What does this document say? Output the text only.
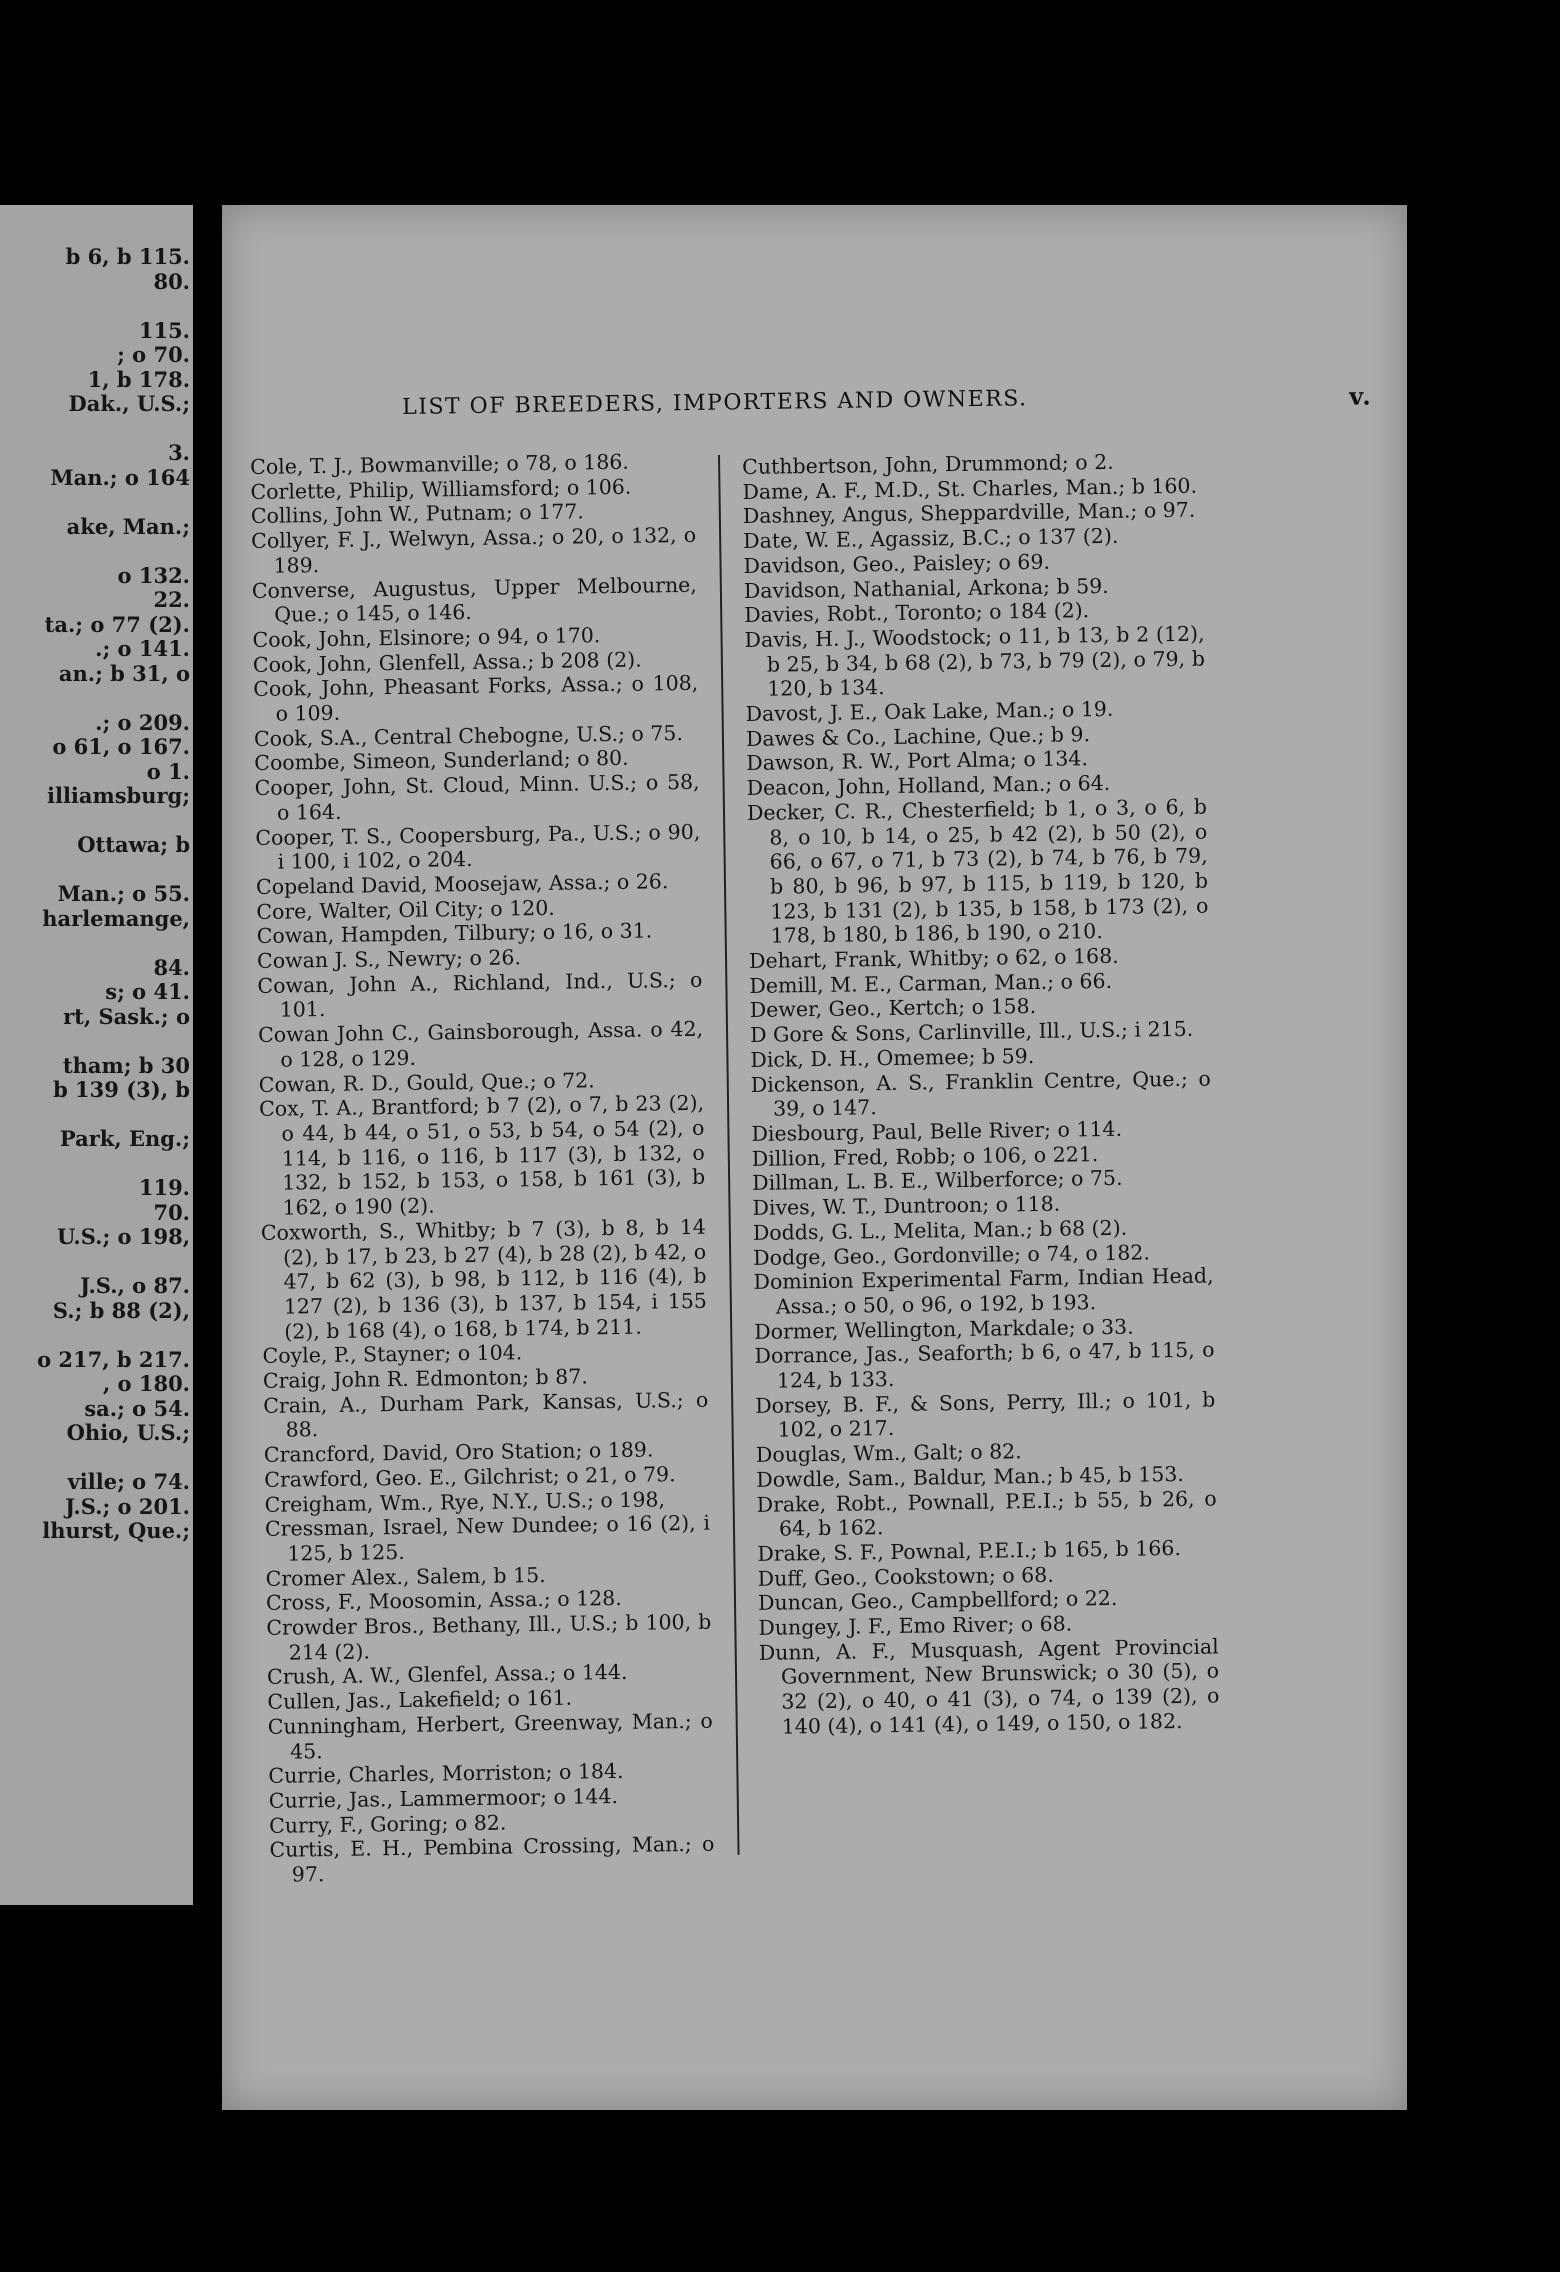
b 6, b 115.
80.
115.
; o 70.
1, b 178.
Dak., U.S.;
3.
Man.; o 164
ake, Man.;
o 132.
22.
ta.; o 77 (2).
.; o 141.
an.; b 31, o
.; o 209.
o 61, o 167.
o 1.
illiamsburg;
Ottawa; b
Man.; o 55.
harlemange,
84.
s; o 41.
rt, Sask.; o
tham; b 30
b 139 (3), b
Park, Eng.;
119.
70.
U.S.; o 198,
J.S., o 87.
S.; b 88 (2),
o 217, b 217.
, o 180.
sa.; o 54.
Ohio, U.S.;
ville; o 74.
J.S.; o 201.
lhurst, Que.;
LIST OF BREEDERS, IMPORTERS AND OWNERS.	v.
Cole, T. J., Bowmanville; o 78, o 186.
Corlette, Philip, Williamsford; o 106.
Collins, John W., Putnam; o 177.
Collyer, F. J., Welwyn, Assa.; o 20, o 132, o 189.
Converse, Augustus, Upper Melbourne, Que.; o 145, o 146.
Cook, John, Elsinore; o 94, o 170.
Cook, John, Glenfell, Assa.; b 208 (2).
Cook, John, Pheasant Forks, Assa.; o 108, o 109.
Cook, S.A., Central Chebogne, U.S.; o 75.
Coombe, Simeon, Sunderland; o 80.
Cooper, John, St. Cloud, Minn. U.S.; o 58, o 164.
Cooper, T. S., Coopersburg, Pa., U.S.; o 90, i 100, i 102, o 204.
Copeland David, Moosejaw, Assa.; o 26.
Core, Walter, Oil City; o 120.
Cowan, Hampden, Tilbury; o 16, o 31.
Cowan J. S., Newry; o 26.
Cowan, John A., Richland, Ind., U.S.; o 101.
Cowan John C., Gainsborough, Assa. o 42, o 128, o 129.
Cowan, R. D., Gould, Que.; o 72.
Cox, T. A., Brantford; b 7 (2), o 7, b 23 (2), o 44, b 44, o 51, o 53, b 54, o 54 (2), o 114, b 116, o 116, b 117 (3), b 132, o 132, b 152, b 153, o 158, b 161 (3), b 162, o 190 (2).
Coxworth, S., Whitby; b 7 (3), b 8, b 14 (2), b 17, b 23, b 27 (4), b 28 (2), b 42, o 47, b 62 (3), b 98, b 112, b 116 (4), b 127 (2), b 136 (3), b 137, b 154, i 155 (2), b 168 (4), o 168, b 174, b 211.
Coyle, P., Stayner; o 104.
Craig, John R. Edmonton; b 87.
Crain, A., Durham Park, Kansas, U.S.; o 88.
Crancford, David, Oro Station; o 189.
Crawford, Geo. E., Gilchrist; o 21, o 79.
Creigham, Wm., Rye, N.Y., U.S.; o 198,
Cressman, Israel, New Dundee; o 16 (2), i 125, b 125.
Cromer Alex., Salem, b 15.
Cross, F., Moosomin, Assa.; o 128.
Crowder Bros., Bethany, Ill., U.S.; b 100, b 214 (2).
Crush, A. W., Glenfel, Assa.; o 144.
Cullen, Jas., Lakefield; o 161.
Cunningham, Herbert, Greenway, Man.; o 45.
Currie, Charles, Morriston; o 184.
Currie, Jas., Lammermoor; o 144.
Curry, F., Goring; o 82.
Curtis, E. H., Pembina Crossing, Man.; o 97.
Cuthbertson, John, Drummond; o 2.
Dame, A. F., M.D., St. Charles, Man.; b 160.
Dashney, Angus, Sheppardville, Man.; o 97.
Date, W. E., Agassiz, B.C.; o 137 (2).
Davidson, Geo., Paisley; o 69.
Davidson, Nathanial, Arkona; b 59.
Davies, Robt., Toronto; o 184 (2).
Davis, H. J., Woodstock; o 11, b 13, b 2 (12), b 25, b 34, b 68 (2), b 73, b 79 (2), o 79, b 120, b 134.
Davost, J. E., Oak Lake, Man.; o 19.
Dawes & Co., Lachine, Que.; b 9.
Dawson, R. W., Port Alma; o 134.
Deacon, John, Holland, Man.; o 64.
Decker, C. R., Chesterfield; b 1, o 3, o 6, b 8, o 10, b 14, o 25, b 42 (2), b 50 (2), o 66, o 67, o 71, b 73 (2), b 74, b 76, b 79, b 80, b 96, b 97, b 115, b 119, b 120, b 123, b 131 (2), b 135, b 158, b 173 (2), o 178, b 180, b 186, b 190, o 210.
Dehart, Frank, Whitby; o 62, o 168.
Demill, M. E., Carman, Man.; o 66.
Dewer, Geo., Kertch; o 158.
D Gore & Sons, Carlinville, Ill., U.S.; i 215.
Dick, D. H., Omemee; b 59.
Dickenson, A. S., Franklin Centre, Que.; o 39, o 147.
Diesbourg, Paul, Belle River; o 114.
Dillion, Fred, Robb; o 106, o 221.
Dillman, L. B. E., Wilberforce; o 75.
Dives, W. T., Duntroon; o 118.
Dodds, G. L., Melita, Man.; b 68 (2).
Dodge, Geo., Gordonville; o 74, o 182.
Dominion Experimental Farm, Indian Head, Assa.; o 50, o 96, o 192, b 193.
Dormer, Wellington, Markdale; o 33.
Dorrance, Jas., Seaforth; b 6, o 47, b 115, o 124, b 133.
Dorsey, B. F., & Sons, Perry, Ill.; o 101, b 102, o 217.
Douglas, Wm., Galt; o 82.
Dowdle, Sam., Baldur, Man.; b 45, b 153.
Drake, Robt., Pownall, P.E.I.; b 55, b 26, o 64, b 162.
Drake, S. F., Pownal, P.E.I.; b 165, b 166.
Duff, Geo., Cookstown; o 68.
Duncan, Geo., Campbellford; o 22.
Dungey, J. F., Emo River; o 68.
Dunn, A. F., Musquash, Agent Provincial Government, New Brunswick; o 30 (5), o 32 (2), o 40, o 41 (3), o 74, o 139 (2), o 140 (4), o 141 (4), o 149, o 150, o 182.
